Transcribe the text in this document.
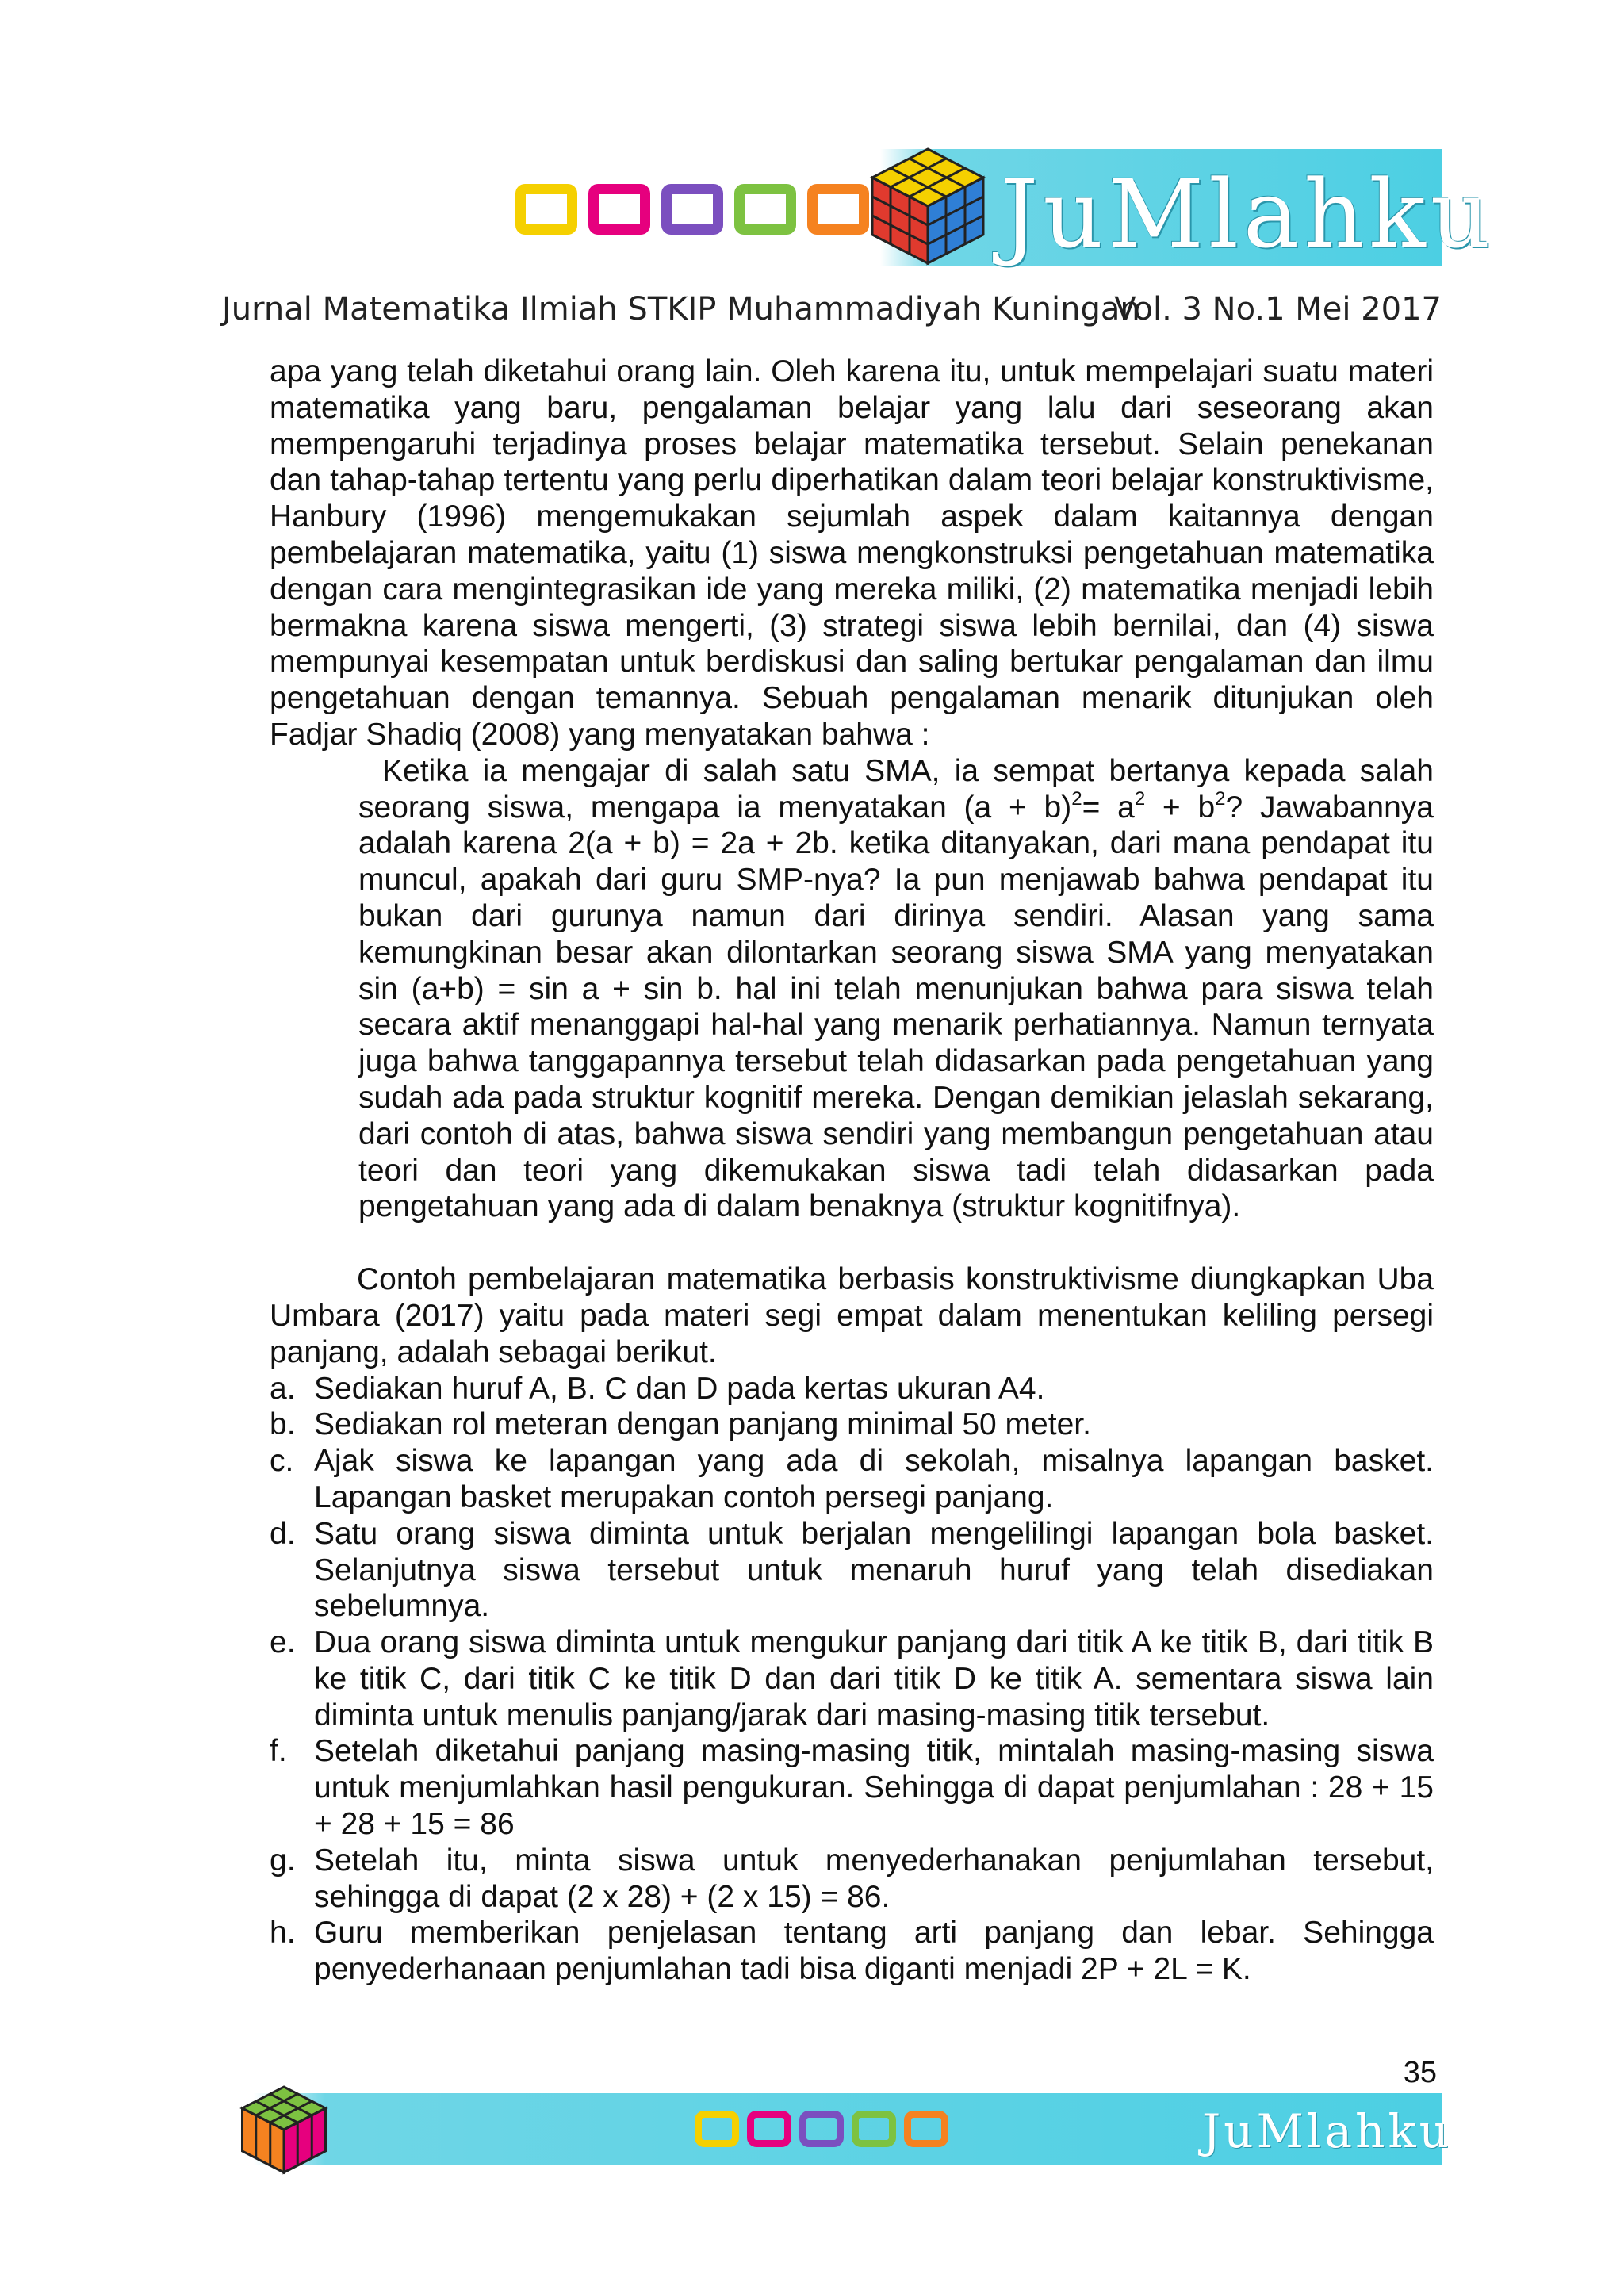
JuMlahku
Jurnal Matematika Ilmiah STKIP Muhammadiyah Kuningan
Vol. 3 No.1 Mei 2017

apa yang telah diketahui orang lain. Oleh karena itu, untuk mempelajari suatu materi matematika yang baru, pengalaman belajar yang lalu dari seseorang akan mempengaruhi terjadinya proses belajar matematika tersebut. Selain penekanan dan tahap-tahap tertentu yang perlu diperhatikan dalam teori belajar konstruktivisme, Hanbury (1996) mengemukakan sejumlah aspek dalam kaitannya dengan pembelajaran matematika, yaitu (1) siswa mengkonstruksi pengetahuan matematika dengan cara mengintegrasikan ide yang mereka miliki, (2) matematika menjadi lebih bermakna karena siswa mengerti, (3) strategi siswa lebih bernilai, dan (4) siswa mempunyai kesempatan untuk berdiskusi dan saling bertukar pengalaman dan ilmu pengetahuan dengan temannya. Sebuah pengalaman menarik ditunjukan oleh Fadjar Shadiq (2008) yang menyatakan bahwa :

Ketika ia mengajar di salah satu SMA, ia sempat bertanya kepada salah seorang siswa, mengapa ia menyatakan $(a + b)^2= a^2 + b^2$? Jawabannya adalah karena 2(a + b) = 2a + 2b. ketika ditanyakan, dari mana pendapat itu muncul, apakah dari guru SMP-nya? Ia pun menjawab bahwa pendapat itu bukan dari gurunya namun dari dirinya sendiri. Alasan yang sama kemungkinan besar akan dilontarkan seorang siswa SMA yang menyatakan sin (a+b) = sin a + sin b. hal ini telah menunjukan bahwa para siswa telah secara aktif menanggapi hal-hal yang menarik perhatiannya. Namun ternyata juga bahwa tanggapannya tersebut telah didasarkan pada pengetahuan yang sudah ada pada struktur kognitif mereka. Dengan demikian jelaslah sekarang, dari contoh di atas, bahwa siswa sendiri yang membangun pengetahuan atau teori dan teori yang dikemukakan siswa tadi telah didasarkan pada pengetahuan yang ada di dalam benaknya (struktur kognitifnya).

Contoh pembelajaran matematika berbasis konstruktivisme diungkapkan Uba Umbara (2017) yaitu pada materi segi empat dalam menentukan keliling persegi panjang, adalah sebagai berikut.

a. Sediakan huruf A, B. C dan D pada kertas ukuran A4.
b. Sediakan rol meteran dengan panjang minimal 50 meter.
c. Ajak siswa ke lapangan yang ada di sekolah, misalnya lapangan basket. Lapangan basket merupakan contoh persegi panjang.
d. Satu orang siswa diminta untuk berjalan mengelilingi lapangan bola basket. Selanjutnya siswa tersebut untuk menaruh huruf yang telah disediakan sebelumnya.
e. Dua orang siswa diminta untuk mengukur panjang dari titik A ke titik B, dari titik B ke titik C, dari titik C ke titik D dan dari titik D ke titik A. sementara siswa lain diminta untuk menulis panjang/jarak dari masing-masing titik tersebut.
f. Setelah diketahui panjang masing-masing titik, mintalah masing-masing siswa untuk menjumlahkan hasil pengukuran. Sehingga di dapat penjumlahan : 28 + 15 + 28 + 15 = 86
g. Setelah itu, minta siswa untuk menyederhanakan penjumlahan tersebut, sehingga di dapat (2 x 28) + (2 x 15) = 86.
h. Guru memberikan penjelasan tentang arti panjang dan lebar. Sehingga penyederhanaan penjumlahan tadi bisa diganti menjadi 2P + 2L = K.
35
JuMlahku
